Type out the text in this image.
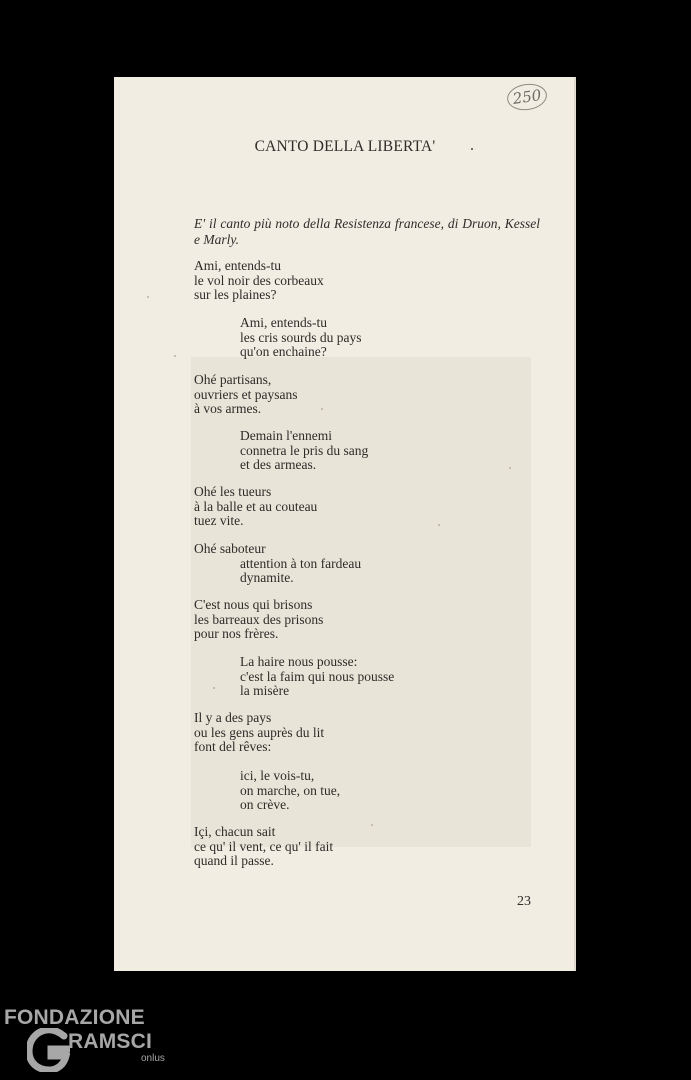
250
CANTO DELLA LIBERTA'
E' il canto più noto della Resistenza francese, di Druon, Kessel e Marly.
Ami, entends-tu
le vol noir des corbeaux
sur les plaines?
Ami, entends-tu
les cris sourds du pays
qu'on enchaine?
Ohé partisans,
ouvriers et paysans
à vos armes.
Demain l'ennemi
connetra le pris du sang
et des armeas.
Ohé les tueurs
à la balle et au couteau
tuez vite.
Ohé saboteur
attention à ton fardeau
dynamite.
C'est nous qui brisons
les barreaux des prisons
pour nos frères.
La haire nous pousse:
c'est la faim qui nous pousse
la misère
Il y a des pays
ou les gens auprès du lit
font del rêves:
ici, le vois-tu,
on marche, on tue,
on crève.
Içi, chacun sait
ce qu' il vent, ce qu' il fait
quand il passe.
23
FONDAZIONE
RAMSCI
onlus
